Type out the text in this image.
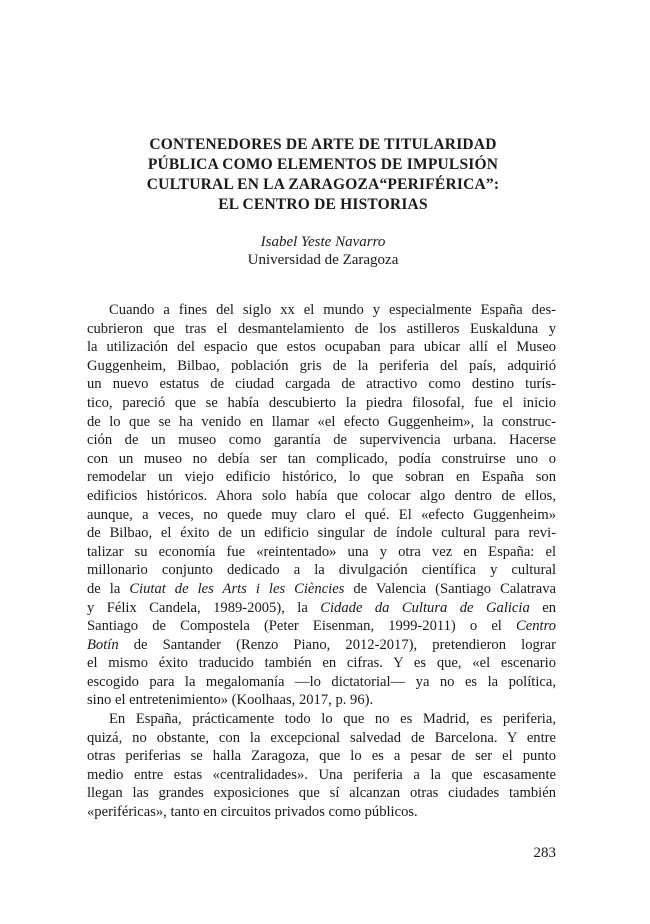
CONTENEDORES DE ARTE DE TITULARIDAD
PÚBLICA COMO ELEMENTOS DE IMPULSIÓN
CULTURAL EN LA ZARAGOZA“PERIFÉRICA”:
EL CENTRO DE HISTORIAS
Isabel Yeste Navarro
Universidad de Zaragoza
Cuando a fines del siglo xx el mundo y especialmente España des-
cubrieron que tras el desmantelamiento de los astilleros Euskalduna y
la utilización del espacio que estos ocupaban para ubicar allí el Museo
Guggenheim, Bilbao, población gris de la periferia del país, adquirió
un nuevo estatus de ciudad cargada de atractivo como destino turís-
tico, pareció que se había descubierto la piedra filosofal, fue el inicio
de lo que se ha venido en llamar «el efecto Guggenheim», la construc-
ción de un museo como garantía de supervivencia urbana. Hacerse
con un museo no debía ser tan complicado, podía construirse uno o
remodelar un viejo edificio histórico, lo que sobran en España son
edificios históricos. Ahora solo había que colocar algo dentro de ellos,
aunque, a veces, no quede muy claro el qué. El «efecto Guggenheim»
de Bilbao, el éxito de un edificio singular de índole cultural para revi-
talizar su economía fue «reintentado» una y otra vez en España: el
millonario conjunto dedicado a la divulgación científica y cultural
de la Ciutat de les Arts i les Ciències de Valencia (Santiago Calatrava
y Félix Candela, 1989-2005), la Cidade da Cultura de Galicia en
Santiago de Compostela (Peter Eisenman, 1999-2011) o el Centro
Botín de Santander (Renzo Piano, 2012-2017), pretendieron lograr
el mismo éxito traducido también en cifras. Y es que, «el escenario
escogido para la megalomanía —lo dictatorial— ya no es la política,
sino el entretenimiento» (Koolhaas, 2017, p. 96).
En España, prácticamente todo lo que no es Madrid, es periferia,
quizá, no obstante, con la excepcional salvedad de Barcelona. Y entre
otras periferias se halla Zaragoza, que lo es a pesar de ser el punto
medio entre estas «centralidades». Una periferia a la que escasamente
llegan las grandes exposiciones que sí alcanzan otras ciudades también
«periféricas», tanto en circuitos privados como públicos.
283
